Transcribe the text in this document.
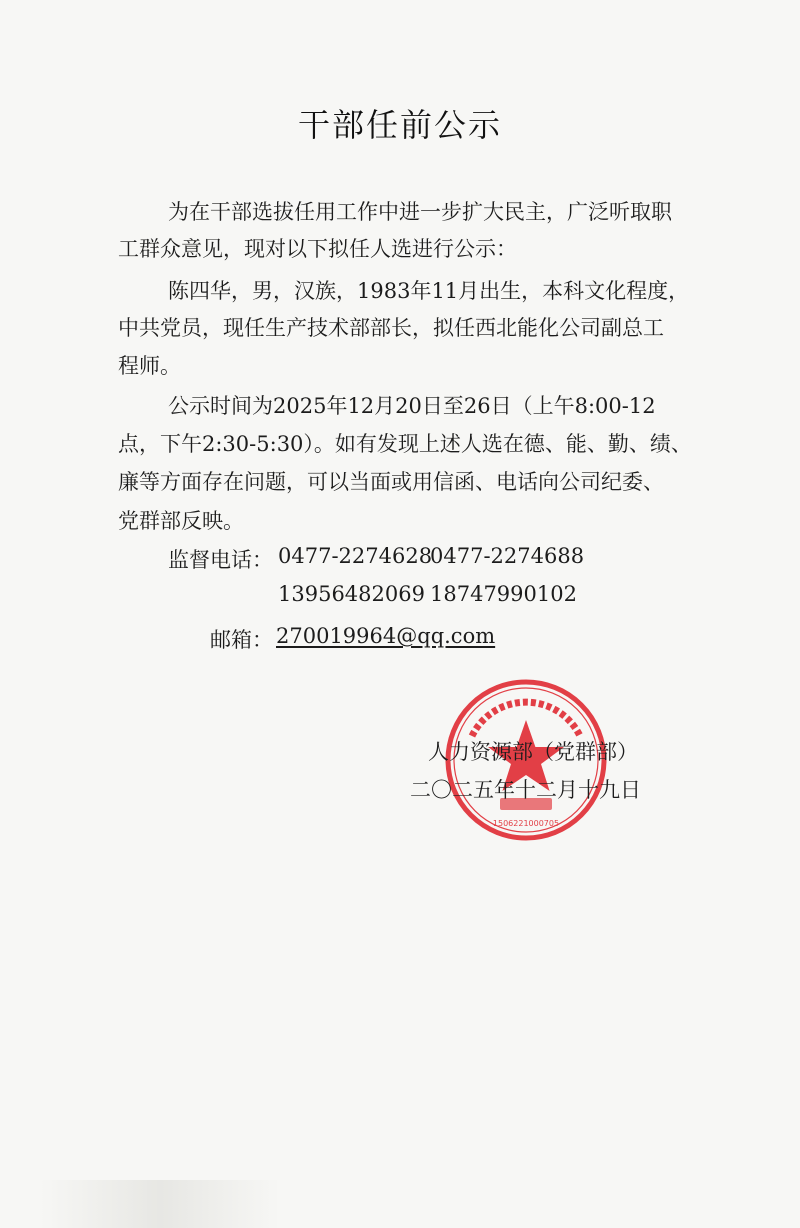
干部任前公示
为在干部选拔任用工作中进一步扩大民主，广泛听取职
工群众意见，现对以下拟任人选进行公示：
陈四华，男，汉族，1983年11月出生，本科文化程度，
中共党员，现任生产技术部部长，拟任西北能化公司副总工
程师。
公示时间为2025年12月20日至26日（上午8:00-12
点，下午2:30-5:30）。如有发现上述人选在德、能、勤、绩、
廉等方面存在问题，可以当面或用信函、电话向公司纪委、
党群部反映。
监督电话： 0477-2274628
0477-2274688
13956482069 18747990102
邮箱： 270019964@qq.com
1506221000705
人力资源部（党群部）
二〇二五年十二月十九日
